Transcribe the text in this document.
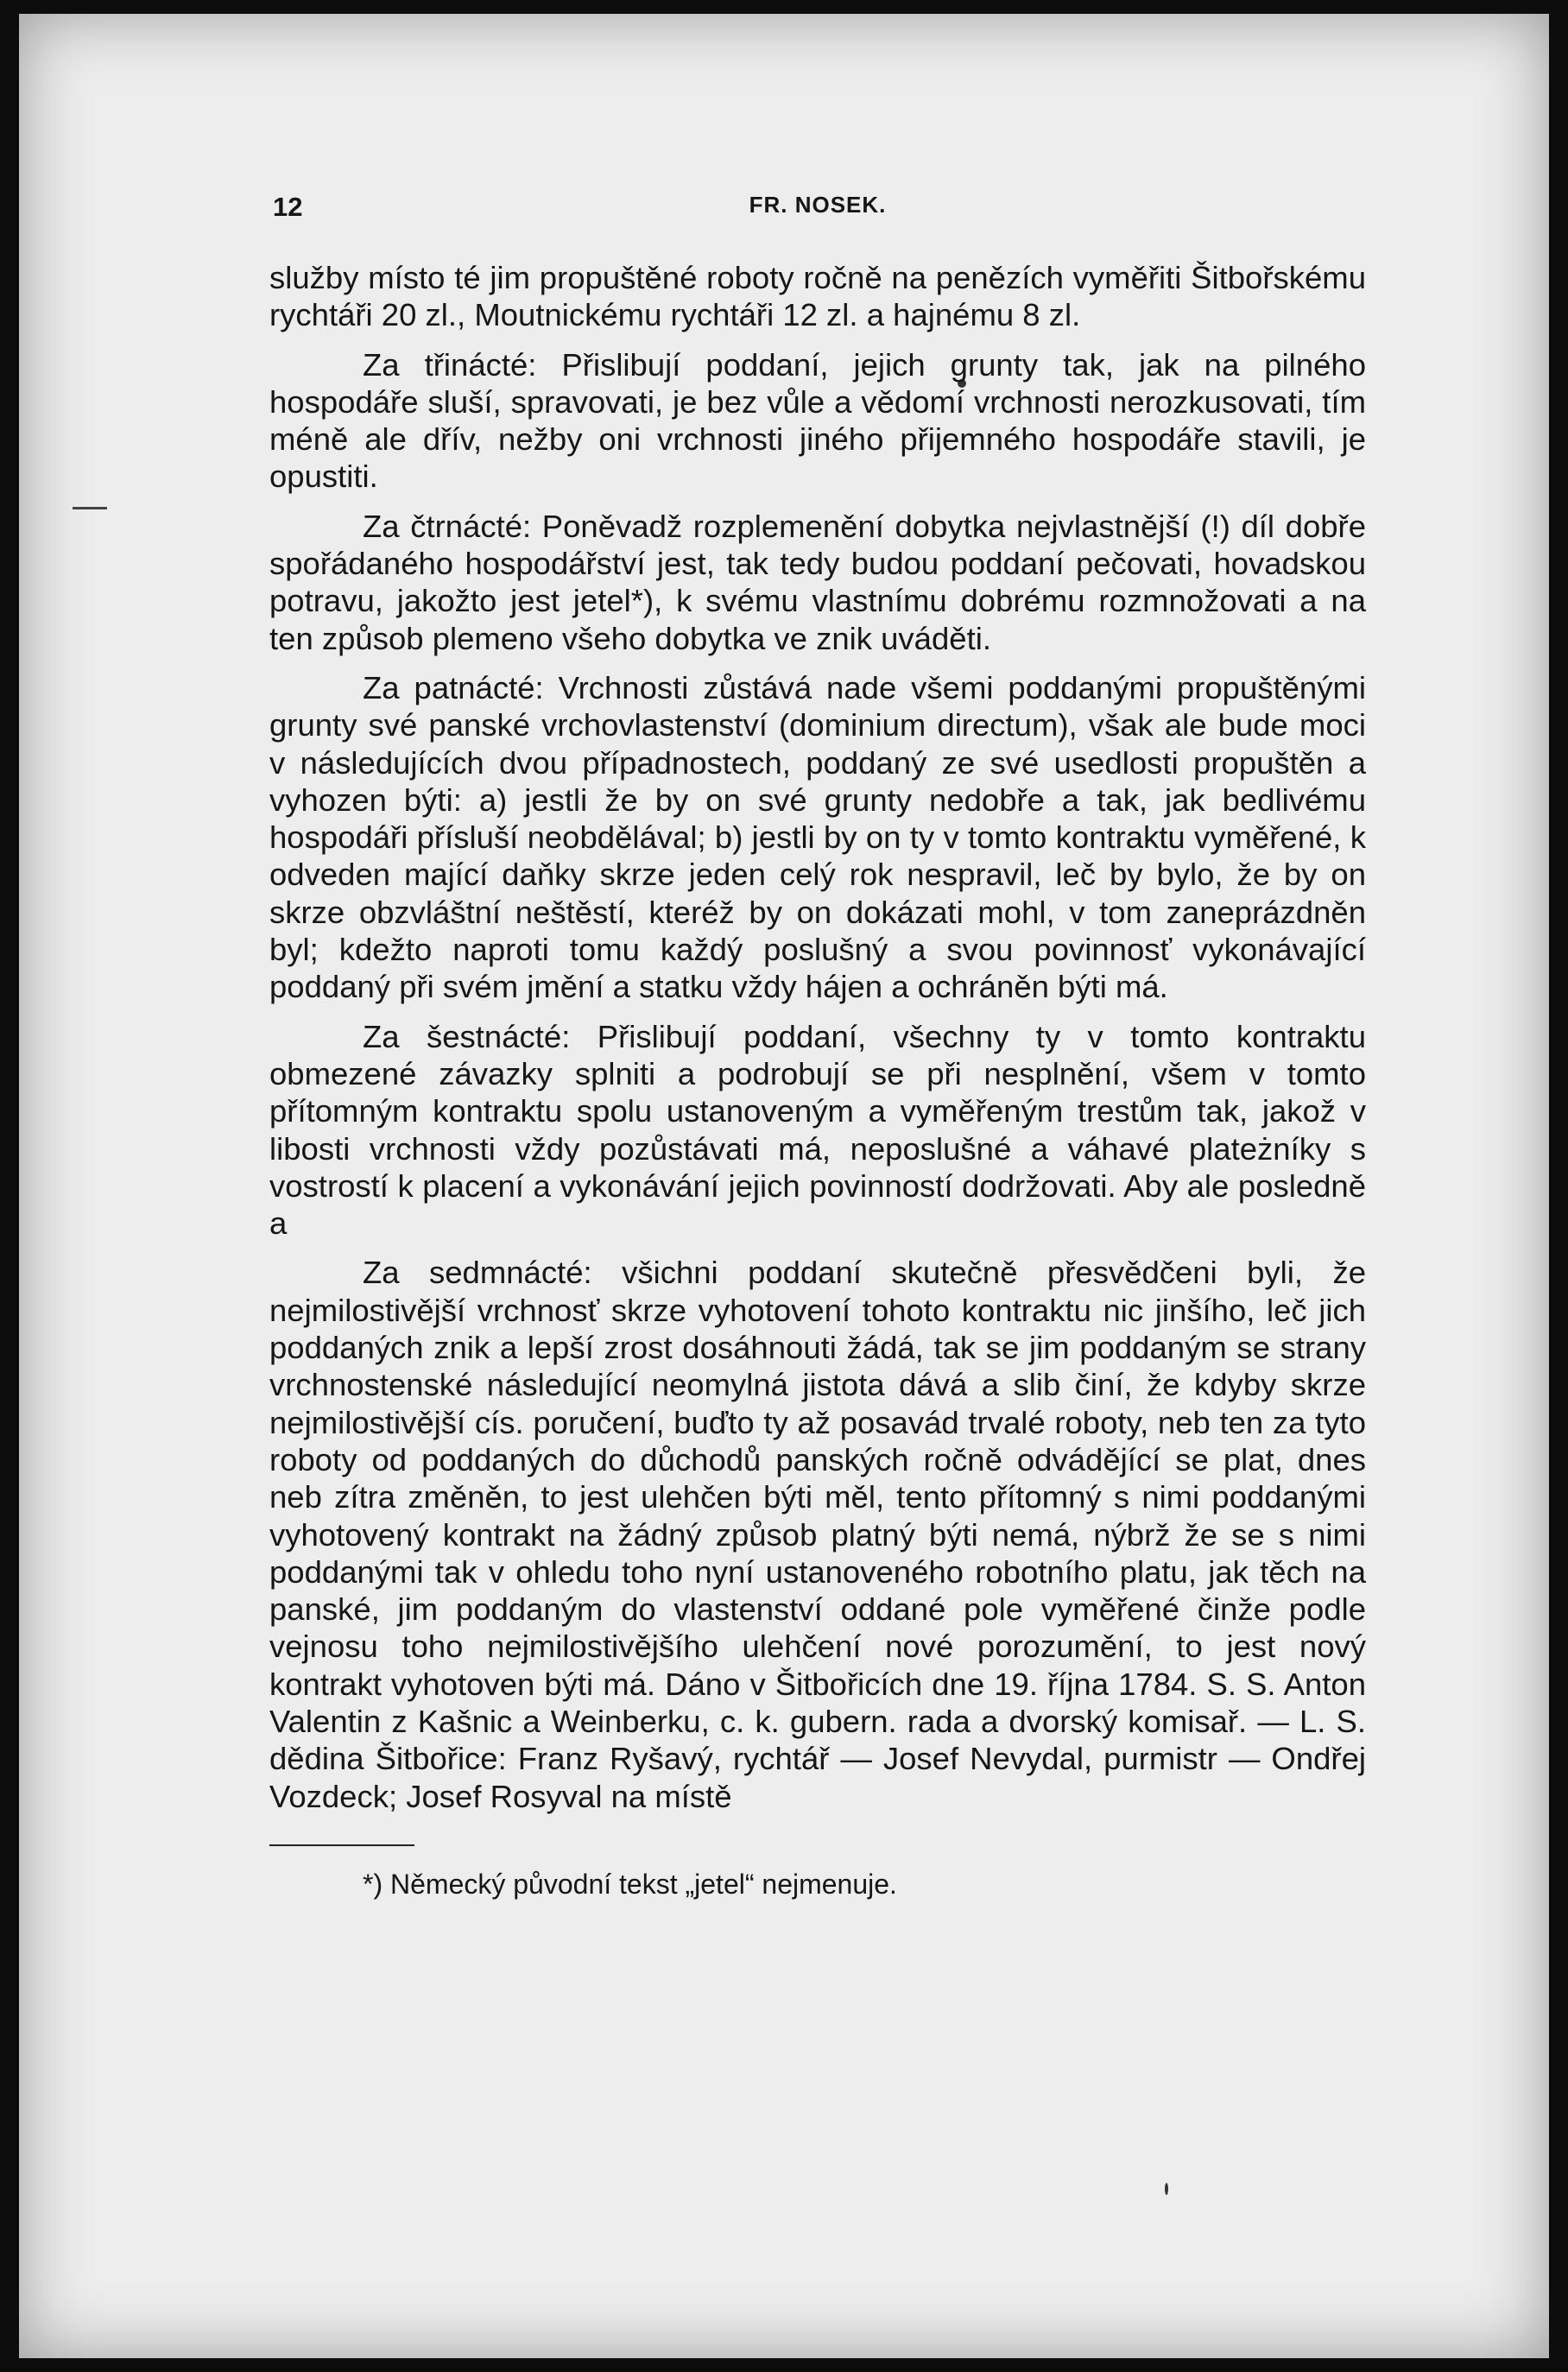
12	FR. NOSEK.

služby místo té jim propuštěné roboty ročně na penězích vyměřiti Šitbořskému rychtáři 20 zl., Moutnickému rychtáři 12 zl. a hajnému 8 zl.

Za třinácté: Přislibují poddaní, jejich grunty tak, jak na pilného hospodáře sluší, spravovati, je bez vůle a vědomí vrchnosti nerozkusovati, tím méně ale dřív, nežby oni vrchnosti jiného přijemného hospodáře stavili, je opustiti.

Za čtrnácté: Poněvadž rozplemenění dobytka nejvlastnější (!) díl dobře spořádaného hospodářství jest, tak tedy budou poddaní pečovati, hovadskou potravu, jakožto jest jetel*), k svému vlastnímu dobrému rozmnožovati a na ten způsob plemeno všeho dobytka ve znik uváděti.

Za patnácté: Vrchnosti zůstává nade všemi poddanými propuštěnými grunty své panské vrchovlastenství (dominium directum), však ale bude moci v následujících dvou případnostech, poddaný ze své usedlosti propuštěn a vyhozen býti: a) jestli že by on své grunty nedobře a tak, jak bedlivému hospodáři přísluší neobdělával; b) jestli by on ty v tomto kontraktu vyměřené, k odveden mající daňky skrze jeden celý rok nespravil, leč by bylo, že by on skrze obzvláštní neštěstí, kteréž by on dokázati mohl, v tom zaneprázdněn byl; kdežto naproti tomu každý poslušný a svou povinnosť vykonávající poddaný při svém jmění a statku vždy hájen a ochráněn býti má.

Za šestnácté: Přislibují poddaní, všechny ty v tomto kontraktu obmezené závazky splniti a podrobují se při nesplnění, všem v tomto přítomným kontraktu spolu ustanoveným a vyměřeným trestům tak, jakož v libosti vrchnosti vždy pozůstávati má, neposlušné a váhavé plateżníky s vostrostí k placení a vykonávání jejich povinností dodržovati. Aby ale posledně a

Za sedmnácté: všichni poddaní skutečně přesvědčeni byli, že nejmilostivější vrchnosť skrze vyhotovení tohoto kontraktu nic jinšího, leč jich poddaných znik a lepší zrost dosáhnouti žádá, tak se jim poddaným se strany vrchnostenské následující neomylná jistota dává a slib činí, že kdyby skrze nejmilostivější cís. poručení, buďto ty až posavád trvalé roboty, neb ten za tyto roboty od poddaných do důchodů panských ročně odváděјící se plat, dnes neb zítra změněn, to jest ulehčen býti měl, tento přítomný s nimi poddanými vyhotovený kontrakt na žádný způsob platný býti nemá, nýbrž že se s nimi poddanými tak v ohledu toho nyní ustanoveného robotního platu, jak těch na panské, jim poddaným do vlastenství oddané pole vyměřené činže podle vejnosu toho nejmilostivějšího ulehčení nové porozumění, to jest nový kontrakt vyhotoven býti má. Dáno v Šitbořicích dne 19. října 1784. S. S. Anton Valentin z Kašnic a Weinberku, c. k. gubern. rada a dvorský komisař. — L. S. dědina Šitbořice: Franz Ryšavý, rychtář — Josef Nevydal, purmistr — Ondřej Vozdeck; Josef Rosyval na místě

*) Německý původní tekst „jetel“ nejmenuje.
